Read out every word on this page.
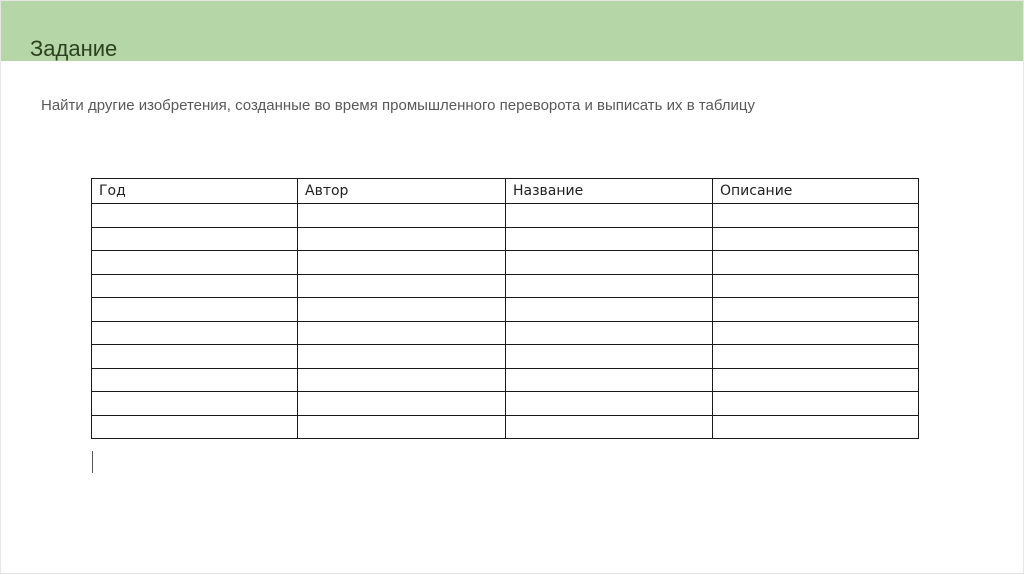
Задание

Найти другие изобретения, созданные во время промышленного переворота и выписать их в таблицу

Год	Автор	Название	Описание
